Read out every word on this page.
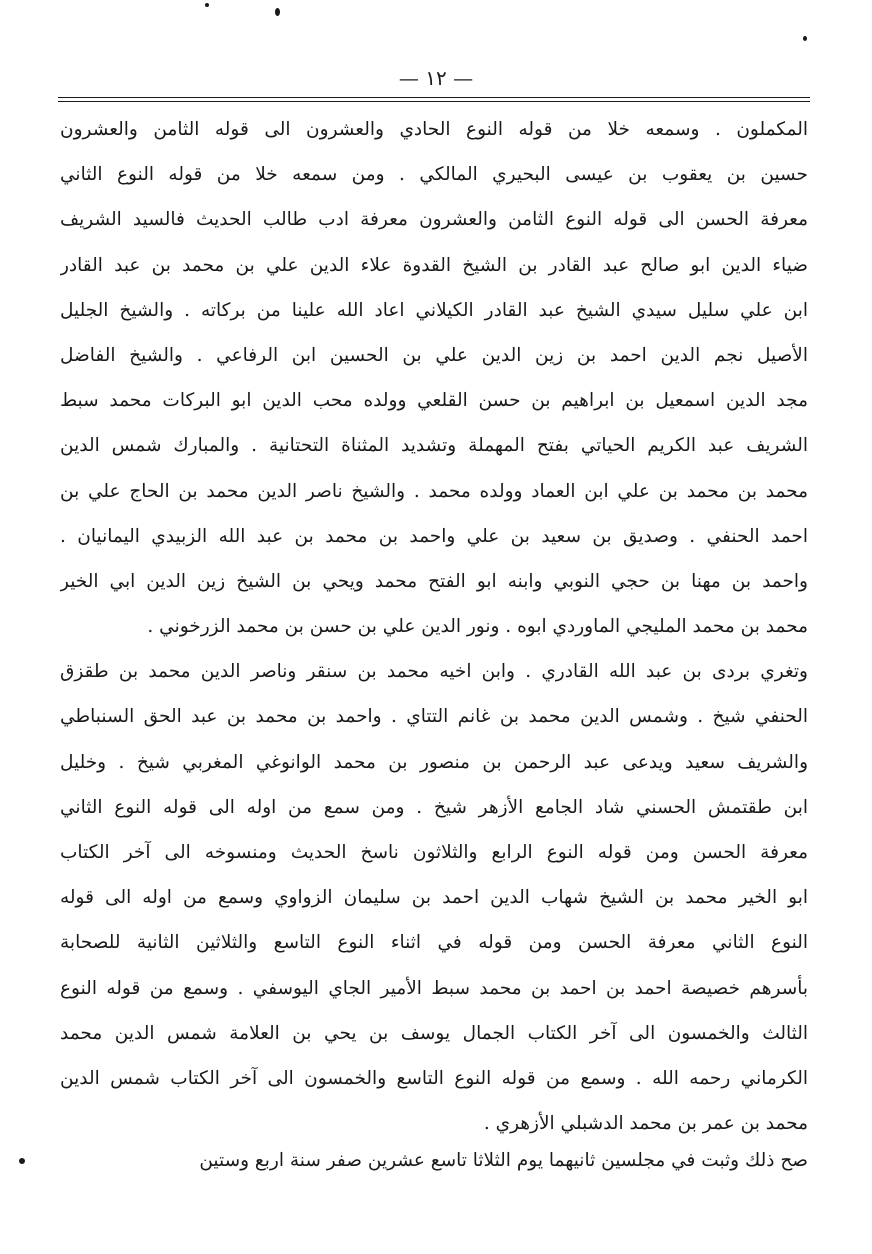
— ١٢ —
المكملون . وسمعه خلا من قوله النوع الحادي والعشرون الى قوله الثامن والعشرون
حسين بن يعقوب بن عيسى البحيري المالكي . ومن سمعه خلا من قوله النوع الثاني
معرفة الحسن الى قوله النوع الثامن والعشرون معرفة ادب طالب الحديث فالسيد الشريف
ضياء الدين ابو صالح عبد القادر بن الشيخ القدوة علاء الدين علي بن محمد بن عبد القادر
ابن علي سليل سيدي الشيخ عبد القادر الكيلاني اعاد الله علينا من بركاته . والشيخ الجليل
الأصيل نجم الدين احمد بن زين الدين علي بن الحسين ابن الرفاعي . والشيخ الفاضل
مجد الدين اسمعيل بن ابراهيم بن حسن القلعي وولده محب الدين ابو البركات محمد سبط
الشريف عبد الكريم الحياتي بفتح المهملة وتشديد المثناة التحتانية . والمبارك شمس الدين
محمد بن محمد بن علي ابن العماد وولده محمد . والشيخ ناصر الدين محمد بن الحاج علي بن
احمد الحنفي . وصديق بن سعيد بن علي واحمد بن محمد بن عبد الله الزبيدي اليمانيان .
واحمد بن مهنا بن حجي النوبي وابنه ابو الفتح محمد ويحي بن الشيخ زين الدين ابي الخير
محمد بن محمد المليجي الماوردي ابوه . ونور الدين علي بن حسن بن محمد الزرخوني .
وتغري بردى بن عبد الله القادري . وابن اخيه محمد بن سنقر وناصر الدين محمد بن طقزق
الحنفي شيخ . وشمس الدين محمد بن غانم التتاي . واحمد بن محمد بن عبد الحق السنباطي
والشريف سعيد ويدعى عبد الرحمن بن منصور بن محمد الوانوغي المغربي شيخ . وخليل
ابن طقتمش الحسني شاد الجامع الأزهر شيخ . ومن سمع من اوله الى قوله النوع الثاني
معرفة الحسن ومن قوله النوع الرابع والثلاثون ناسخ الحديث ومنسوخه الى آخر الكتاب
ابو الخير محمد بن الشيخ شهاب الدين احمد بن سليمان الزواوي وسمع من اوله الى قوله
النوع الثاني معرفة الحسن ومن قوله في اثناء النوع التاسع والثلاثين الثانية للصحابة
بأسرهم خصيصة احمد بن احمد بن محمد سبط الأمير الجاي اليوسفي . وسمع من قوله النوع
الثالث والخمسون الى آخر الكتاب الجمال يوسف بن يحي بن العلامة شمس الدين محمد
الكرماني رحمه الله . وسمع من قوله النوع التاسع والخمسون الى آخر الكتاب شمس الدين
محمد بن عمر بن محمد الدشبلي الأزهري .
صح ذلك وثبت في مجلسين ثانيهما يوم الثلاثا تاسع عشرين صفر سنة اربع وستين
